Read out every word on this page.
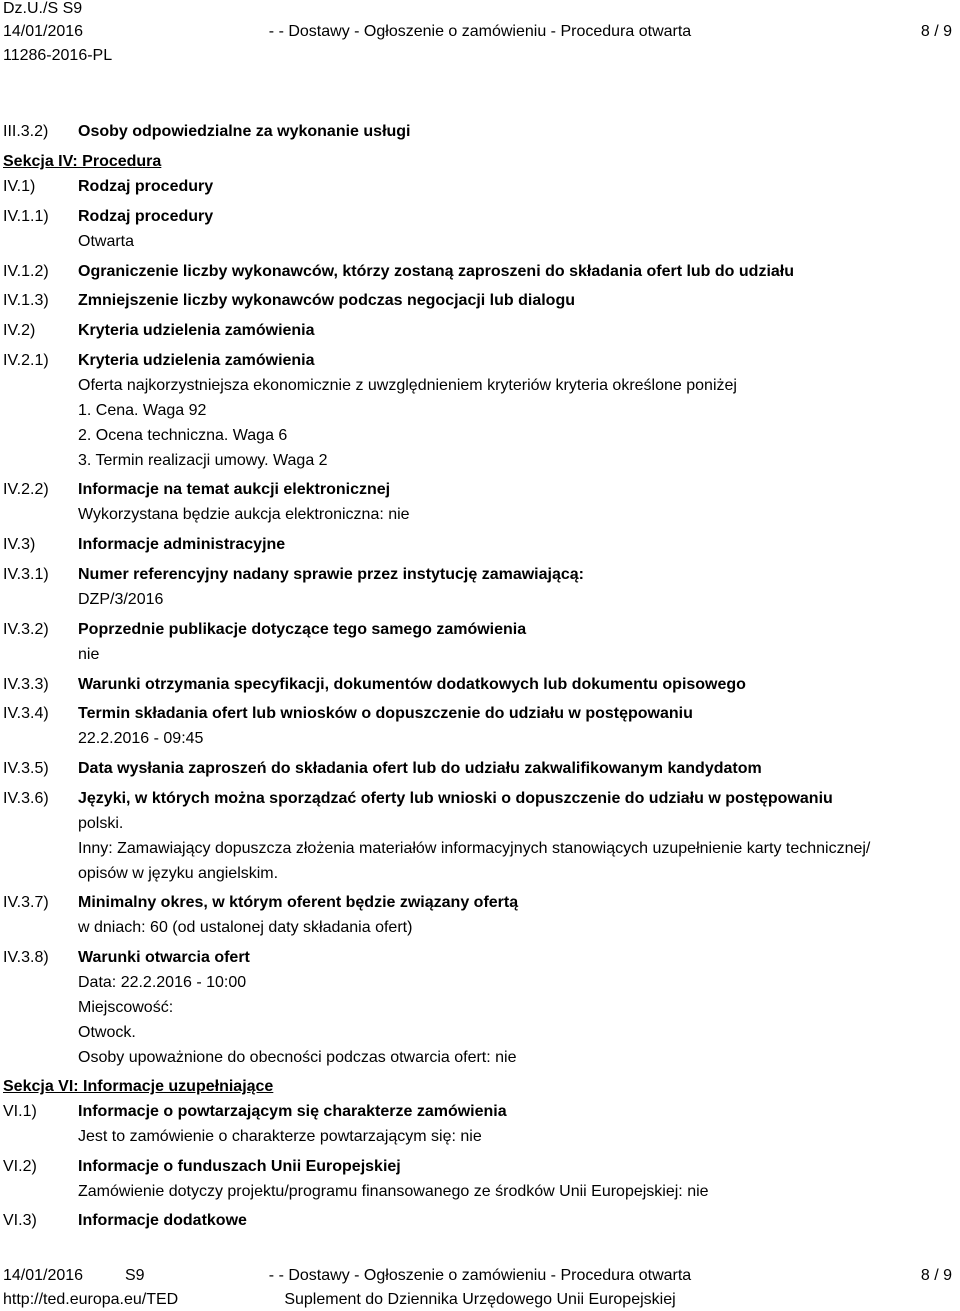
Dz.U./S S9
14/01/2016
11286-2016-PL
- - Dostawy - Ogłoszenie o zamówieniu - Procedura otwarta	8 / 9
III.3.2) Osoby odpowiedzialne za wykonanie usługi
Sekcja IV: Procedura
IV.1)	Rodzaj procedury
IV.1.1) Rodzaj procedury
Otwarta
IV.1.2) Ograniczenie liczby wykonawców, którzy zostaną zaproszeni do składania ofert lub do udziału
IV.1.3) Zmniejszenie liczby wykonawców podczas negocjacji lub dialogu
IV.2)	Kryteria udzielenia zamówienia
IV.2.1) Kryteria udzielenia zamówienia
Oferta najkorzystniejsza ekonomicznie z uwzględnieniem kryteriów kryteria określone poniżej
1. Cena. Waga 92
2. Ocena techniczna. Waga 6
3. Termin realizacji umowy. Waga 2
IV.2.2) Informacje na temat aukcji elektronicznej
Wykorzystana będzie aukcja elektroniczna: nie
IV.3)	Informacje administracyjne
IV.3.1) Numer referencyjny nadany sprawie przez instytucję zamawiającą:
DZP/3/2016
IV.3.2) Poprzednie publikacje dotyczące tego samego zamówienia
nie
IV.3.3) Warunki otrzymania specyfikacji, dokumentów dodatkowych lub dokumentu opisowego
IV.3.4) Termin składania ofert lub wniosków o dopuszczenie do udziału w postępowaniu
22.2.2016 - 09:45
IV.3.5) Data wysłania zaproszeń do składania ofert lub do udziału zakwalifikowanym kandydatom
IV.3.6) Języki, w których można sporządzać oferty lub wnioski o dopuszczenie do udziału w postępowaniu
polski.
Inny: Zamawiający dopuszcza złożenia materiałów informacyjnych stanowiących uzupełnienie karty technicznej/
opisów w języku angielskim.
IV.3.7) Minimalny okres, w którym oferent będzie związany ofertą
w dniach: 60 (od ustalonej daty składania ofert)
IV.3.8) Warunki otwarcia ofert
Data: 22.2.2016 - 10:00
Miejscowość:
Otwock.
Osoby upoważnione do obecności podczas otwarcia ofert: nie
Sekcja VI: Informacje uzupełniające
VI.1)	Informacje o powtarzającym się charakterze zamówienia
Jest to zamówienie o charakterze powtarzającym się: nie
VI.2)	Informacje o funduszach Unii Europejskiej
Zamówienie dotyczy projektu/programu finansowanego ze środków Unii Europejskiej: nie
VI.3)	Informacje dodatkowe
14/01/2016	S9
http://ted.europa.eu/TED
- - Dostawy - Ogłoszenie o zamówieniu - Procedura otwarta
Suplement do Dziennika Urzędowego Unii Europejskiej
8 / 9
